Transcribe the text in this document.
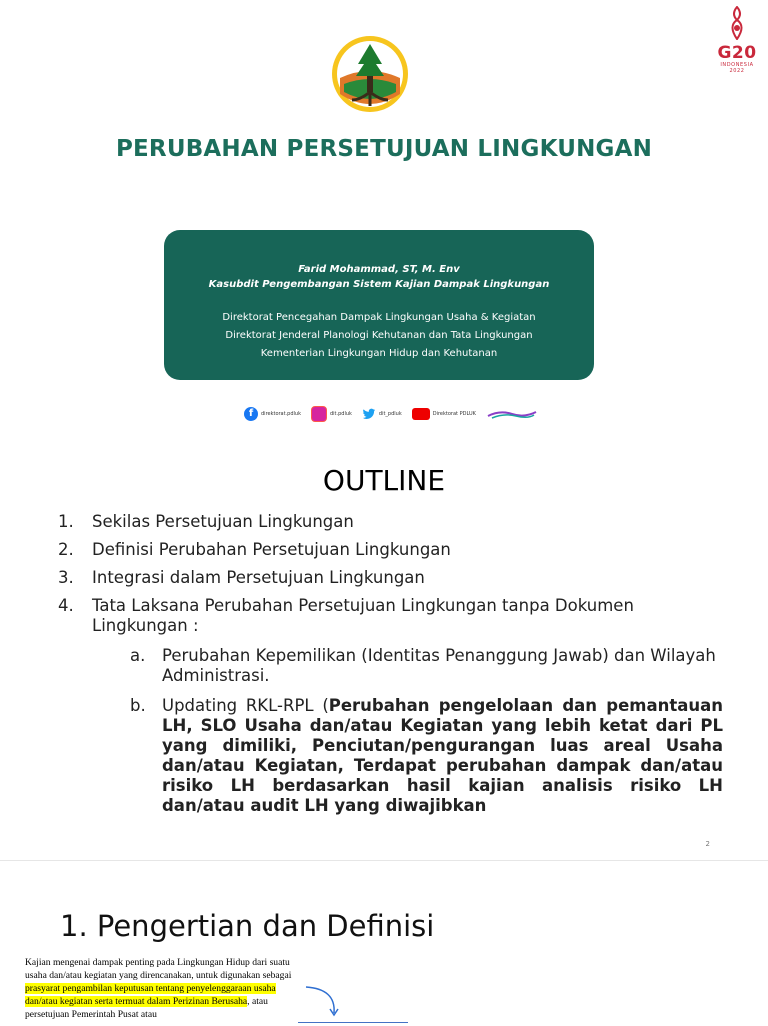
G20
INDONESIA
2022
PERUBAHAN PERSETUJUAN LINGKUNGAN
Farid Mohammad, ST, M. Env
Kasubdit Pengembangan Sistem Kajian Dampak Lingkungan
Direktorat Pencegahan Dampak Lingkungan Usaha & Kegiatan
Direktorat Jenderal Planologi Kehutanan dan Tata Lingkungan
Kementerian Lingkungan Hidup dan Kehutanan
f	direktorat.pdluk	dit.pdluk	dit_pdluk	Direktorat PDLUK
OUTLINE
1. Sekilas Persetujuan Lingkungan
2. Definisi Perubahan Persetujuan Lingkungan
3. Integrasi dalam Persetujuan Lingkungan
4. Tata Laksana Perubahan Persetujuan Lingkungan tanpa Dokumen Lingkungan :
a. Perubahan Kepemilikan (Identitas Penanggung Jawab) dan Wilayah Administrasi.
b. Updating RKL-RPL (Perubahan pengelolaan dan pemantauan LH, SLO Usaha dan/atau Kegiatan yang lebih ketat dari PL yang dimiliki, Penciutan/pengurangan luas areal Usaha dan/atau Kegiatan, Terdapat perubahan dampak dan/atau risiko LH berdasarkan hasil kajian analisis risiko LH dan/atau audit LH yang diwajibkan
2
1. Pengertian dan Definisi
Kajian mengenai dampak penting pada Lingkungan Hidup dari suatu usaha dan/atau kegiatan yang direncanakan, untuk digunakan sebagai prasyarat pengambilan keputusan tentang penyelenggaraan usaha dan/atau kegiatan serta termuat dalam Perizinan Berusaha, atau persetujuan Pemerintah Pusat atau
